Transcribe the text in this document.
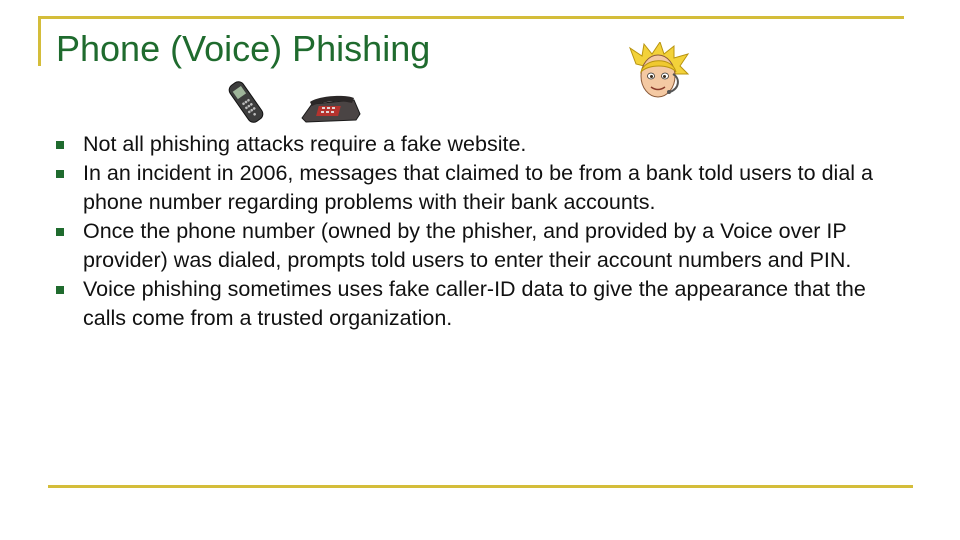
Phone (Voice) Phishing
Not all phishing attacks require a fake website.
In an incident in 2006, messages that claimed to be from a bank told users to dial a phone number regarding problems with their bank accounts.
Once the phone number (owned by the phisher, and provided by a Voice over IP provider) was dialed, prompts told users to enter their account numbers and PIN.
Voice phishing sometimes uses fake caller-ID data to give the appearance that the calls come from a trusted organization.
